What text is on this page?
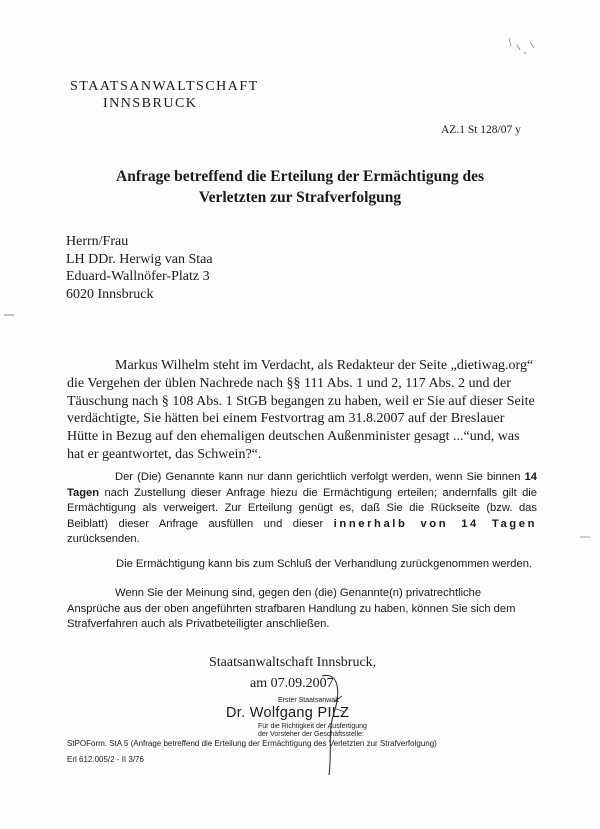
STAATSANWALTSCHAFT
INNSBRUCK
AZ.1 St 128/07 y
Anfrage betreffend die Erteilung der Ermächtigung des
Verletzten zur Strafverfolgung
Herrn/Frau
LH DDr. Herwig van Staa
Eduard-Wallnöfer-Platz 3
6020 Innsbruck
Markus Wilhelm steht im Verdacht, als Redakteur der Seite „dietiwag.org“ die Vergehen der üblen Nachrede nach §§ 111 Abs. 1 und 2, 117 Abs. 2 und der Täuschung nach § 108 Abs. 1 StGB begangen zu haben, weil er Sie auf dieser Seite verdächtigte, Sie hätten bei einem Festvortrag am 31.8.2007 auf der Breslauer Hütte in Bezug auf den ehemaligen deutschen Außenminister gesagt ...“und, was hat er geantwortet, das Schwein?“.
Der (Die) Genannte kann nur dann gerichtlich verfolgt werden, wenn Sie binnen 14 Tagen nach Zustellung dieser Anfrage hiezu die Ermächtigung erteilen; andernfalls gilt die Ermächtigung als verweigert. Zur Erteilung genügt es, daß Sie die Rückseite (bzw. das Beiblatt) dieser Anfrage ausfüllen und dieser innerhalb von 14 Tagen zurücksenden.
Die Ermächtigung kann bis zum Schluß der Verhandlung zurückgenommen werden.
Wenn Sie der Meinung sind, gegen den (die) Genannte(n) privatrechtliche Ansprüche aus der oben angeführten strafbaren Handlung zu haben, können Sie sich dem Strafverfahren auch als Privatbeteiligter anschließen.
Staatsanwaltschaft Innsbruck,
am 07.09.2007
Erster Staatsanwalt
Dr. Wolfgang PILZ
Für die Richtigkeit der Ausfertigung
der Vorsteher der Geschäftsstelle:
StPOForm. StA 5 (Anfrage betreffend die Erteilung der Ermächtigung des Verletzten zur Strafverfolgung)
Erl 612.005/2 - II 3/76
